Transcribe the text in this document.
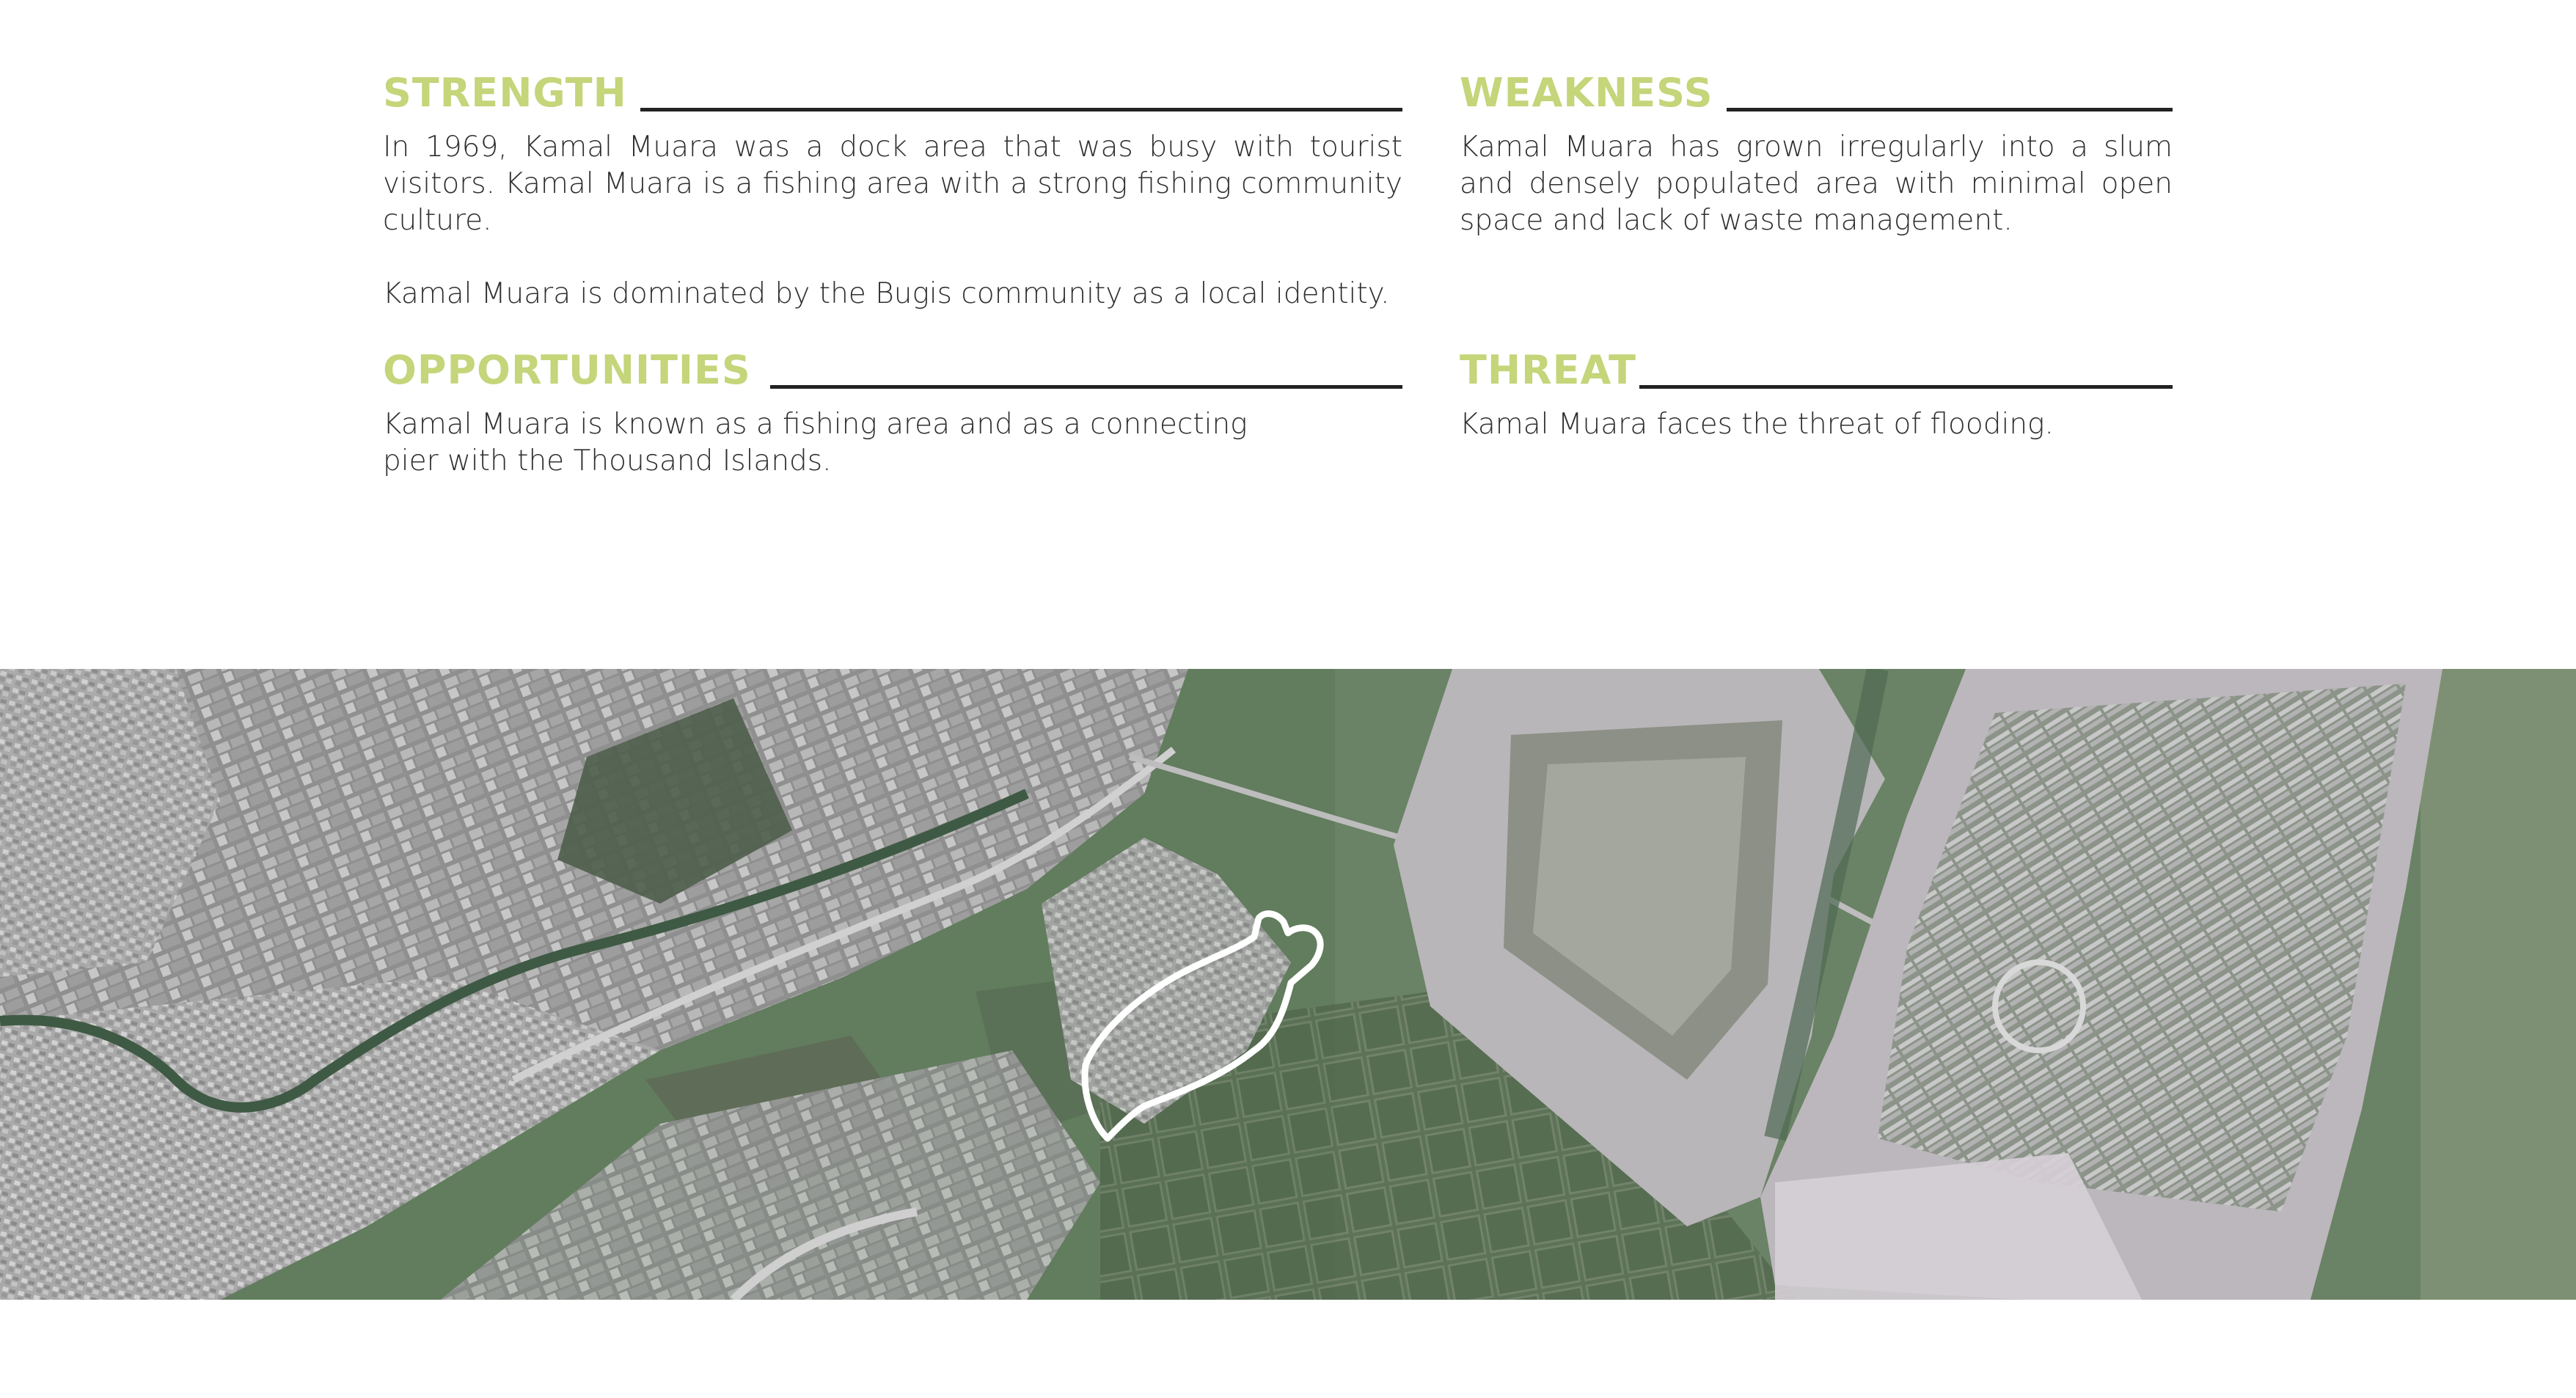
STRENGTH

In 1969, Kamal Muara was a dock area that was busy with tourist visitors. Kamal Muara is a fishing area with a strong fishing community culture.

Kamal Muara is dominated by the Bugis community as a local identity.

WEAKNESS

Kamal Muara has grown irregularly into a slum and densely populated area with minimal open space and lack of waste management.

OPPORTUNITIES

Kamal Muara is known as a fishing area and as a connecting pier with the Thousand Islands.

THREAT

Kamal Muara faces the threat of flooding.
